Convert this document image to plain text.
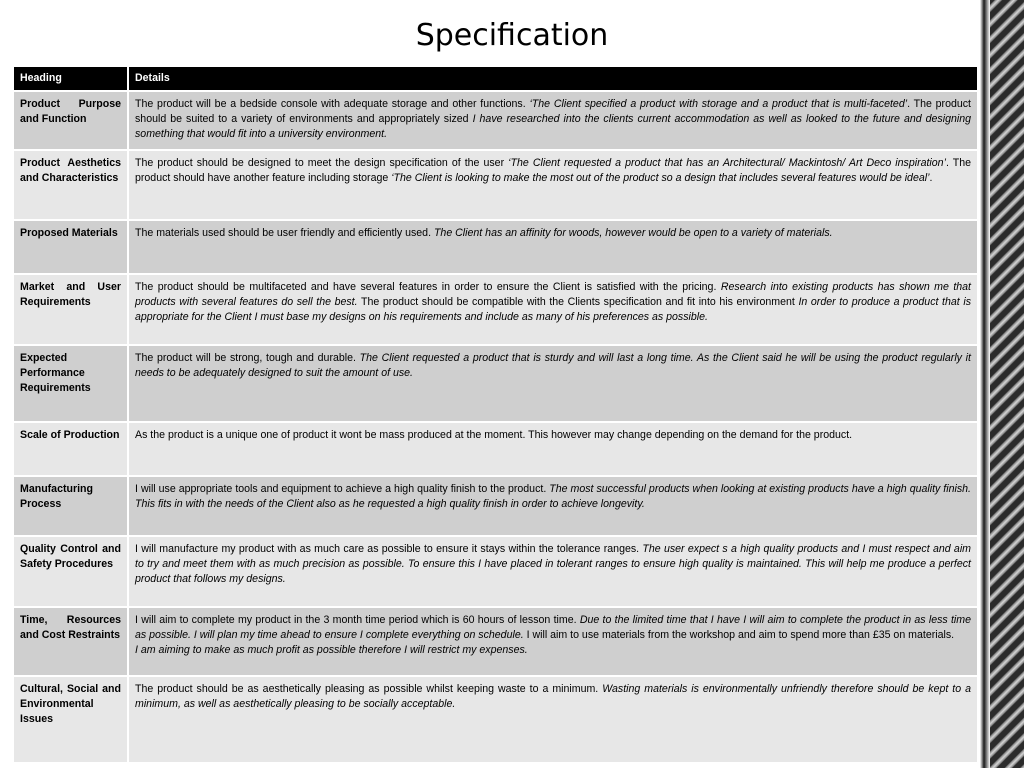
Specification
Heading	Details
Product Purpose and Function	The product will be a bedside console with adequate storage and other functions. ‘The Client specified a product with storage and a product that is multi-faceted’. The product should be suited to a variety of environments and appropriately sized I have researched into the clients current accommodation as well as looked to the future and designing something that would fit into a university environment.
Product Aesthetics and Characteristics	The product should be designed to meet the design specification of the user ‘The Client requested a product that has an Architectural/ Mackintosh/ Art Deco inspiration’. The product should have another feature including storage ‘The Client is looking to make the most out of the product so a design that includes several features would be ideal’.
Proposed Materials	The materials used should be user friendly and efficiently used. The Client has an affinity for woods, however would be open to a variety of materials.
Market and User Requirements	The product should be multifaceted and have several features in order to ensure the Client is satisfied with the pricing. Research into existing products has shown me that products with several features do sell the best. The product should be compatible with the Clients specification and fit into his environment In order to produce a product that is appropriate for the Client I must base my designs on his requirements and include as many of his preferences as possible.
Expected Performance Requirements	The product will be strong, tough and durable. The Client requested a product that is sturdy and will last a long time. As the Client said he will be using the product regularly it needs to be adequately designed to suit the amount of use.
Scale of Production	As the product is a unique one of product it wont be mass produced at the moment. This however may change depending on the demand for the product.
Manufacturing Process	I will use appropriate tools and equipment to achieve a high quality finish to the product. The most successful products when looking at existing products have a high quality finish. This fits in with the needs of the Client also as he requested a high quality finish in order to achieve longevity.
Quality Control and Safety Procedures	I will manufacture my product with as much care as possible to ensure it stays within the tolerance ranges. The user expect s a high quality products and I must respect and aim to try and meet them with as much precision as possible. To ensure this I have placed in tolerant ranges to ensure high quality is maintained. This will help me produce a perfect product that follows my designs.
Time, Resources and Cost Restraints	I will aim to complete my product in the 3 month time period which is 60 hours of lesson time. Due to the limited time that I have I will aim to complete the product in as less time as possible. I will plan my time ahead to ensure I complete everything on schedule. I will aim to use materials from the workshop and aim to spend more than £35 on materials.
I am aiming to make as much profit as possible therefore I will restrict my expenses.
Cultural, Social and Environmental Issues	The product should be as aesthetically pleasing as possible whilst keeping waste to a minimum. Wasting materials is environmentally unfriendly therefore should be kept to a minimum, as well as aesthetically pleasing to be socially acceptable.
